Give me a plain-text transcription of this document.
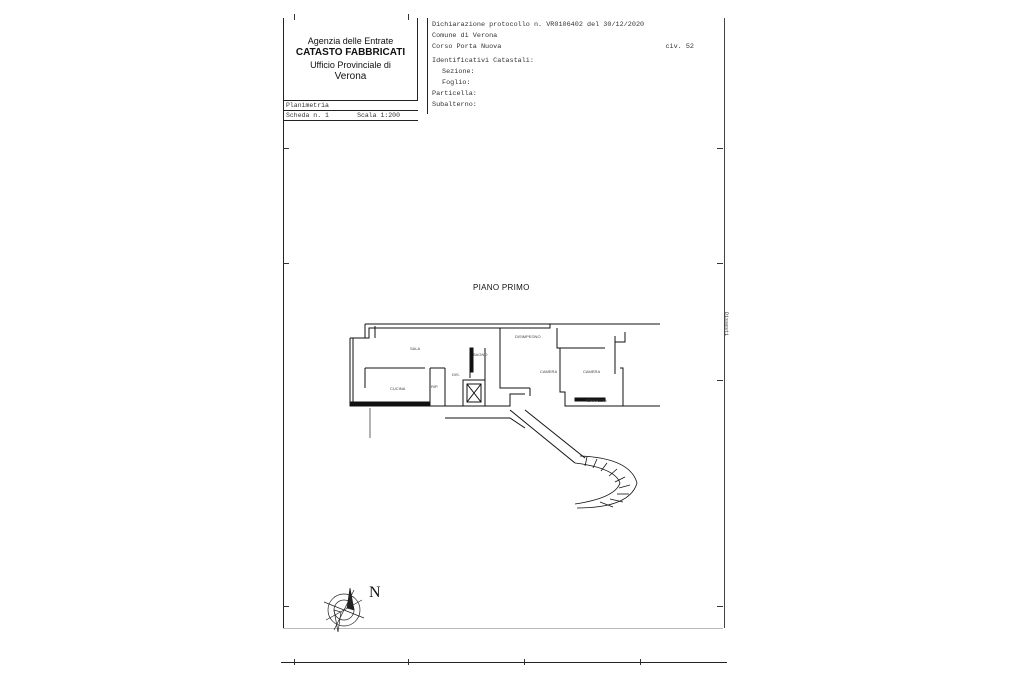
Agenzia delle Entrate
CATASTO FABBRICATI
Ufficio Provinciale di
Verona
Planimetria
Scheda n. 1	Scala 1:200
Dichiarazione protocollo n. VR0106402 del 30/12/2020
Comune di Verona
Corso Porta Nuova	civ. 52
Identificativi Catastali:
Sezione:
Foglio:
Particella:
Subalterno:
Dissesti
PIANO PRIMO
SALA
CUCINA	RIP.
DIS.
BAGNO
DISIMPEGNO
CAMERA	CAMERA
TERRAZZO
N
